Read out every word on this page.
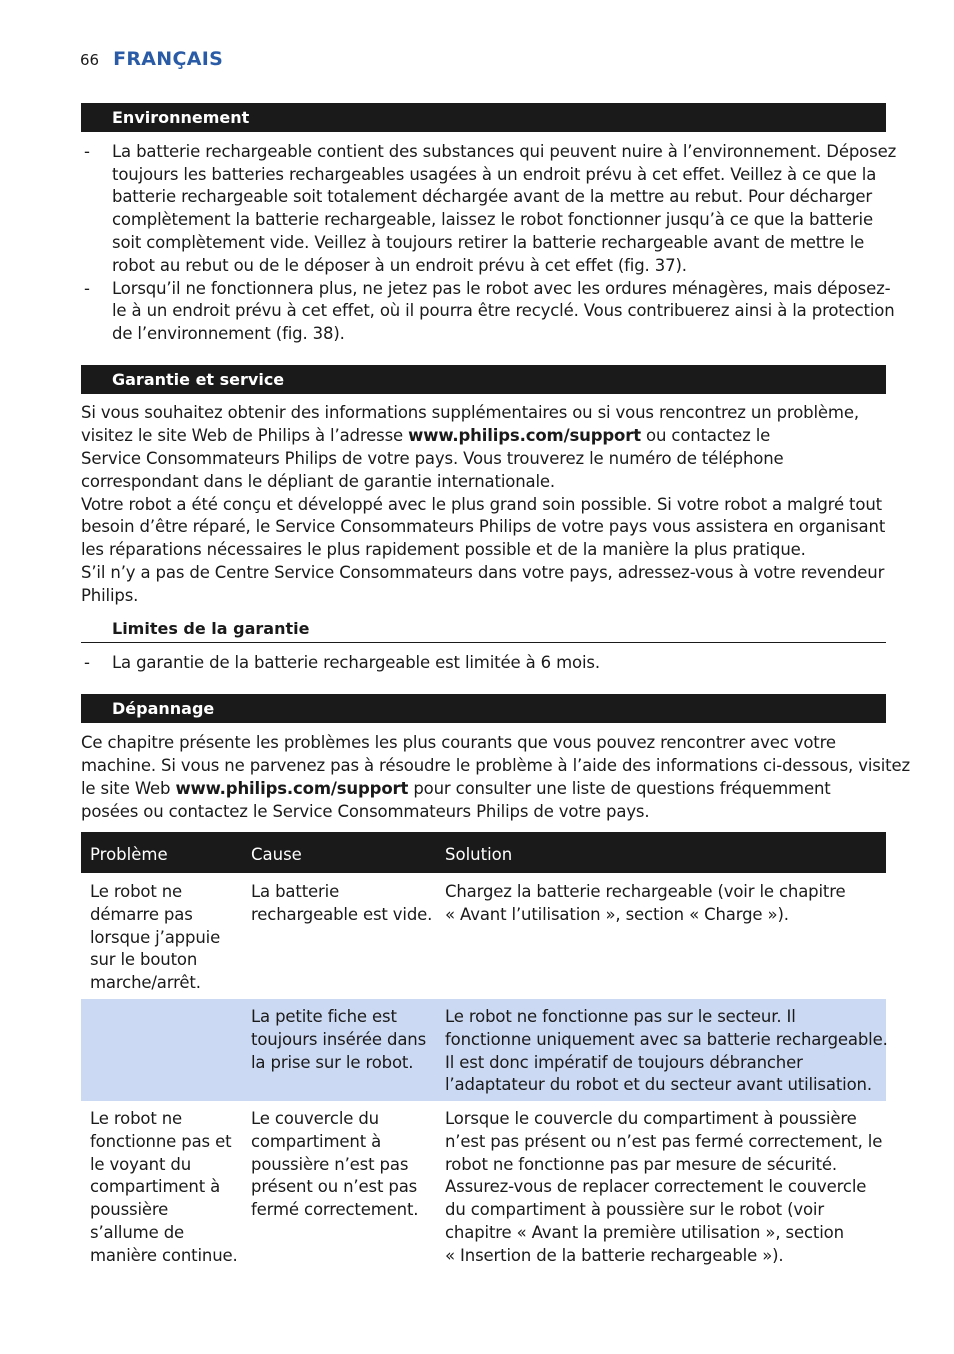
66 FRANÇAIS
Environnement
- La batterie rechargeable contient des substances qui peuvent nuire à l’environnement. Déposez
toujours les batteries rechargeables usagées à un endroit prévu à cet effet. Veillez à ce que la
batterie rechargeable soit totalement déchargée avant de la mettre au rebut. Pour décharger
complètement la batterie rechargeable, laissez le robot fonctionner jusqu’à ce que la batterie
soit complètement vide. Veillez à toujours retirer la batterie rechargeable avant de mettre le
robot au rebut ou de le déposer à un endroit prévu à cet effet (fig. 37).
- Lorsqu’il ne fonctionnera plus, ne jetez pas le robot avec les ordures ménagères, mais déposez-
le à un endroit prévu à cet effet, où il pourra être recyclé. Vous contribuerez ainsi à la protection
de l’environnement (fig. 38).
Garantie et service
Si vous souhaitez obtenir des informations supplémentaires ou si vous rencontrez un problème,
visitez le site Web de Philips à l’adresse www.philips.com/support ou contactez le
Service Consommateurs Philips de votre pays. Vous trouverez le numéro de téléphone
correspondant dans le dépliant de garantie internationale.
Votre robot a été conçu et développé avec le plus grand soin possible. Si votre robot a malgré tout
besoin d’être réparé, le Service Consommateurs Philips de votre pays vous assistera en organisant
les réparations nécessaires le plus rapidement possible et de la manière la plus pratique.
S’il n’y a pas de Centre Service Consommateurs dans votre pays, adressez-vous à votre revendeur
Philips.
Limites de la garantie
- La garantie de la batterie rechargeable est limitée à 6 mois.
Dépannage
Ce chapitre présente les problèmes les plus courants que vous pouvez rencontrer avec votre
machine. Si vous ne parvenez pas à résoudre le problème à l’aide des informations ci-dessous, visitez
le site Web www.philips.com/support pour consulter une liste de questions fréquemment
posées ou contactez le Service Consommateurs Philips de votre pays.
Problème	Cause	Solution
Le robot ne
démarre pas
lorsque j’appuie
sur le bouton
marche/arrêt.
La batterie
rechargeable est vide.
Chargez la batterie rechargeable (voir le chapitre
« Avant l’utilisation », section « Charge »).
La petite fiche est
toujours insérée dans
la prise sur le robot.
Le robot ne fonctionne pas sur le secteur. Il
fonctionne uniquement avec sa batterie rechargeable.
Il est donc impératif de toujours débrancher
l’adaptateur du robot et du secteur avant utilisation.
Le robot ne
fonctionne pas et
le voyant du
compartiment à
poussière
s’allume de
manière continue.
Le couvercle du
compartiment à
poussière n’est pas
présent ou n’est pas
fermé correctement.
Lorsque le couvercle du compartiment à poussière
n’est pas présent ou n’est pas fermé correctement, le
robot ne fonctionne pas par mesure de sécurité.
Assurez-vous de replacer correctement le couvercle
du compartiment à poussière sur le robot (voir
chapitre « Avant la première utilisation », section
« Insertion de la batterie rechargeable »).
